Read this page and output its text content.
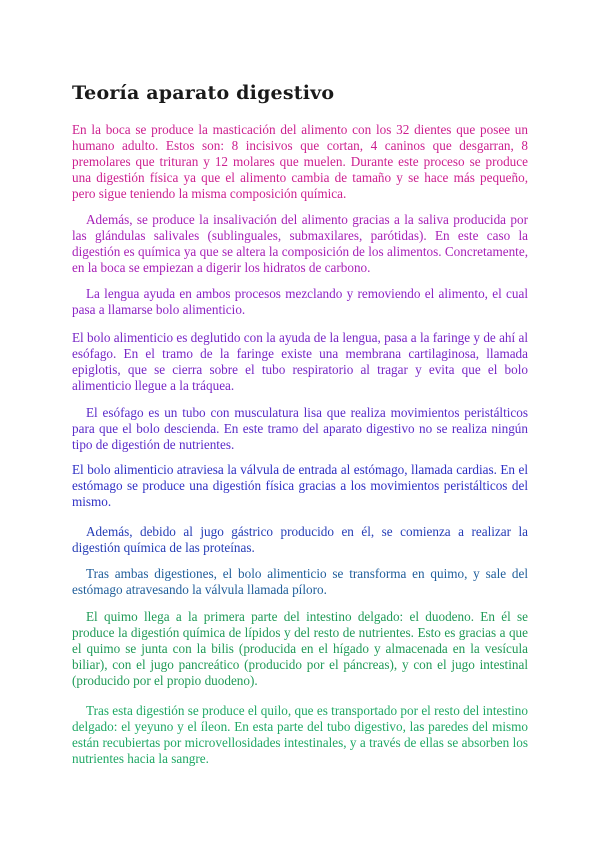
Teoría aparato digestivo

En la boca se produce la masticación del alimento con los 32 dientes que posee un humano adulto. Estos son: 8 incisivos que cortan, 4 caninos que desgarran, 8 premolares que trituran y 12 molares que muelen. Durante este proceso se produce una digestión física ya que el alimento cambia de tamaño y se hace más pequeño, pero sigue teniendo la misma composición química.

Además, se produce la insalivación del alimento gracias a la saliva producida por las glándulas salivales (sublinguales, submaxilares, parótidas). En este caso la digestión es química ya que se altera la composición de los alimentos. Concretamente, en la boca se empiezan a digerir los hidratos de carbono.

La lengua ayuda en ambos procesos mezclando y removiendo el alimento, el cual pasa a llamarse bolo alimenticio.

El bolo alimenticio es deglutido con la ayuda de la lengua, pasa a la faringe y de ahí al esófago. En el tramo de la faringe existe una membrana cartilaginosa, llamada epiglotis, que se cierra sobre el tubo respiratorio al tragar y evita que el bolo alimenticio llegue a la tráquea.

El esófago es un tubo con musculatura lisa que realiza movimientos peristálticos para que el bolo descienda. En este tramo del aparato digestivo no se realiza ningún tipo de digestión de nutrientes.

El bolo alimenticio atraviesa la válvula de entrada al estómago, llamada cardias. En el estómago se produce una digestión física gracias a los movimientos peristálticos del mismo.

Además, debido al jugo gástrico producido en él, se comienza a realizar la digestión química de las proteínas.

Tras ambas digestiones, el bolo alimenticio se transforma en quimo, y sale del estómago atravesando la válvula llamada píloro.

El quimo llega a la primera parte del intestino delgado: el duodeno. En él se produce la digestión química de lípidos y del resto de nutrientes. Esto es gracias a que el quimo se junta con la bilis (producida en el hígado y almacenada en la vesícula biliar), con el jugo pancreático (producido por el páncreas), y con el jugo intestinal (producido por el propio duodeno).

Tras esta digestión se produce el quilo, que es transportado por el resto del intestino delgado: el yeyuno y el íleon. En esta parte del tubo digestivo, las paredes del mismo están recubiertas por microvellosidades intestinales, y a través de ellas se absorben los nutrientes hacia la sangre.
